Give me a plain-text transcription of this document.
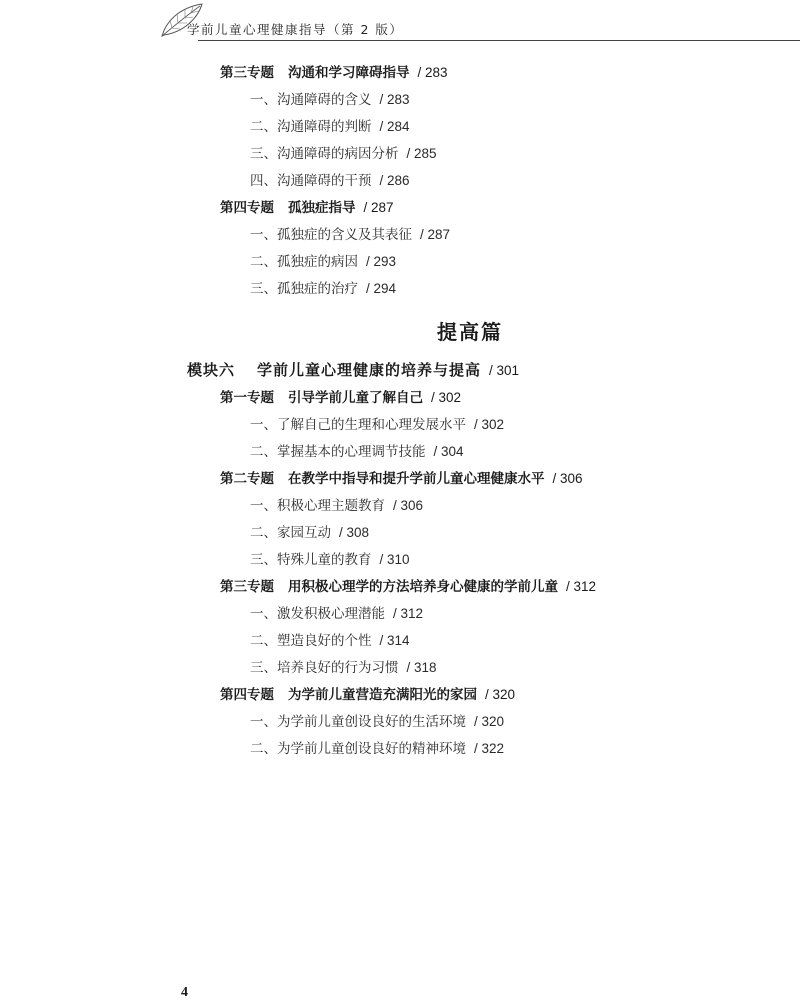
学前儿童心理健康指导（第 2 版）
第三专题 沟通和学习障碍指导 / 283
一、沟通障碍的含义 / 283
二、沟通障碍的判断 / 284
三、沟通障碍的病因分析 / 285
四、沟通障碍的干预 / 286
第四专题 孤独症指导 / 287
一、孤独症的含义及其表征 / 287
二、孤独症的病因 / 293
三、孤独症的治疗 / 294
提高篇
模块六 学前儿童心理健康的培养与提高 / 301
第一专题 引导学前儿童了解自己 / 302
一、了解自己的生理和心理发展水平 / 302
二、掌握基本的心理调节技能 / 304
第二专题 在教学中指导和提升学前儿童心理健康水平 / 306
一、积极心理主题教育 / 306
二、家园互动 / 308
三、特殊儿童的教育 / 310
第三专题 用积极心理学的方法培养身心健康的学前儿童 / 312
一、激发积极心理潜能 / 312
二、塑造良好的个性 / 314
三、培养良好的行为习惯 / 318
第四专题 为学前儿童营造充满阳光的家园 / 320
一、为学前儿童创设良好的生活环境 / 320
二、为学前儿童创设良好的精神环境 / 322
4
